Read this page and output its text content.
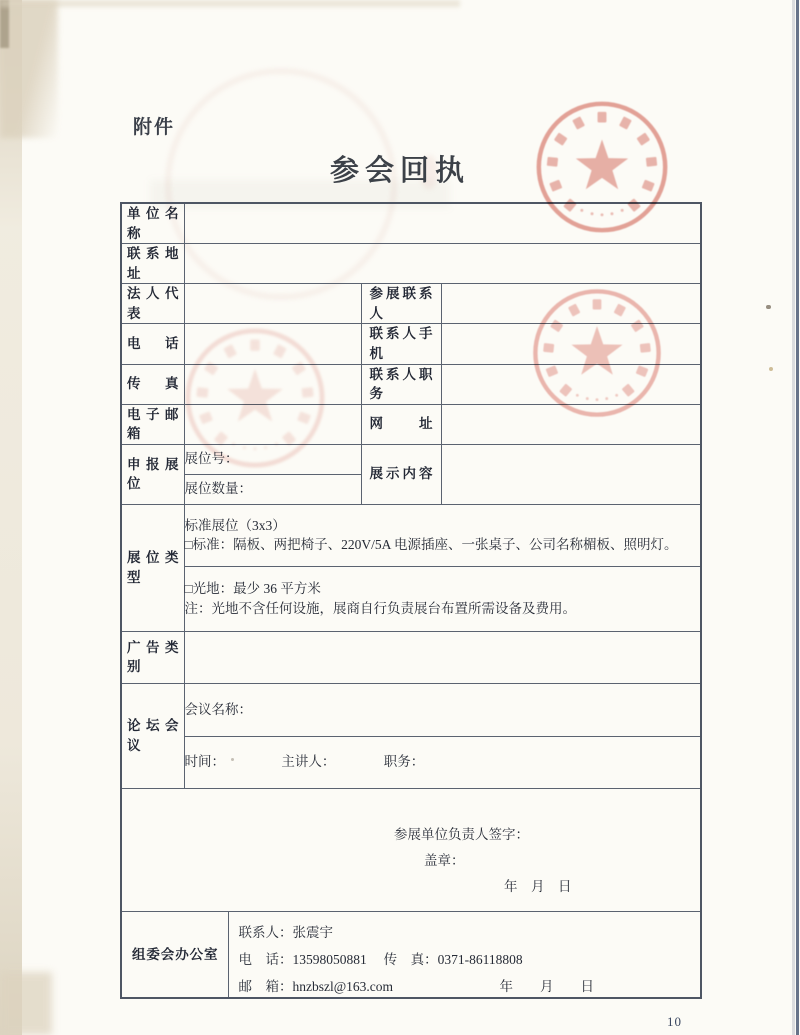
附件
参会回执
单位名称				

联系地址				

法人代表			参展联系人	

电　话			联系人手机	

传　真			联系人职务	

电子邮箱			网　址	

申报展位	展位号：		展示内容	

	展位数量：			

展位类型	标准展位（3x3）
□标准：隔板、两把椅子、220V/5A 电源插座、一张桌子、公司名称楣板、照明灯。			

	□光地：最少 36 平方米
注：光地不含任何设施，展商自行负责展台布置所需设备及费用。			

广告类别				

论坛会议	会议名称：			
	时间： 主讲人： 职务：			

参展单位负责人签字：
盖章：
年　月　日				

组委会办公室		联系人：张震宇
电　话：13598050881　 传　真：0371-86118808
邮　箱：hnzbszl@163.com 年　　月　　日		
10
